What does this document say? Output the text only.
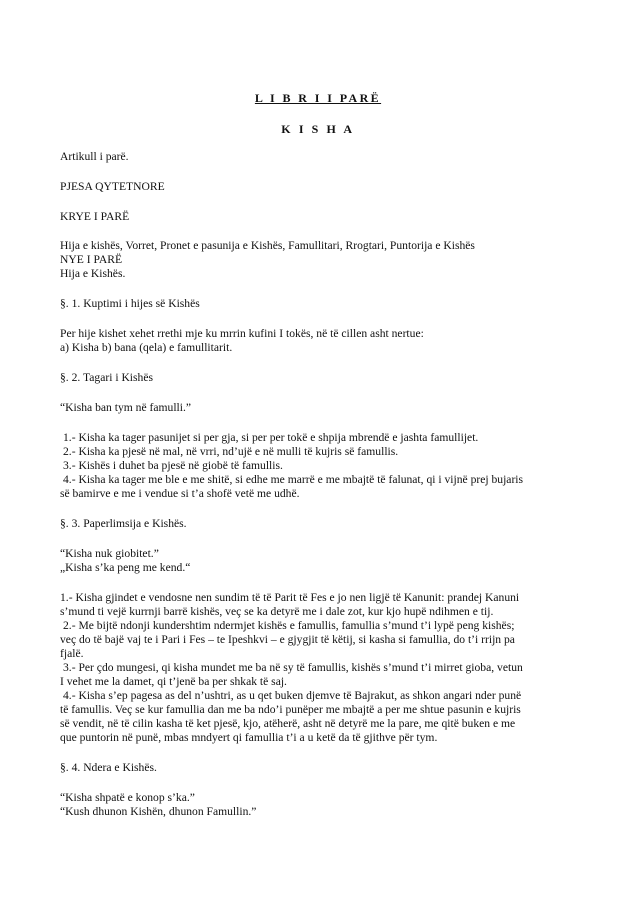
L I B R I I PARË
K I S H A
Artikull i parë.
PJESA QYTETNORE
KRYE I PARË
Hija e kishës, Vorret, Pronet e pasunija e Kishës, Famullitari, Rrogtari, Puntorija e Kishës
NYE I PARË
Hija e Kishës.
§. 1. Kuptimi i hijes së Kishës
Per hije kishet xehet rrethi mje ku mrrin kufini I tokës, në të cillen asht nertue:
a) Kisha b) bana (qela) e famullitarit.
§. 2. Tagari i Kishës
“Kisha ban tym në famulli.”
1.- Kisha ka tager pasunijet si per gja, si per per tokë e shpija mbrendë e jashta famullijet.
2.- Kisha ka pjesë në mal, në vrri, nd’ujë e në mulli të kujris së famullis.
3.- Kishës i duhet ba pjesë në giobë të famullis.
4.- Kisha ka tager me ble e me shitë, si edhe me marrë e me mbajtë të falunat, qi i vijnë prej bujaris
së bamirve e me i vendue si t’a shofë vetë me udhë.
§. 3. Paperlimsija e Kishës.
“Kisha nuk giobitet.”
„Kisha s’ka peng me kend.“
1.- Kisha gjindet e vendosne nen sundim të të Parit të Fes e jo nen ligjë të Kanunit: prandej Kanuni
s’mund ti vejë kurrnji barrë kishës, veç se ka detyrë me i dale zot, kur kjo hupë ndihmen e tij.
2.- Me bijtë ndonji kundershtim ndermjet kishës e famullis, famullia s’mund t’i lypë peng kishës;
veç do të bajë vaj te i Pari i Fes – te Ipeshkvi – e gjygjit të këtij, si kasha si famullia, do t’i rrijn pa
fjalë.
3.- Per çdo mungesi, qi kisha mundet me ba në sy të famullis, kishës s’mund t’i mirret gioba, vetun
I vehet me la damet, qi t’jenë ba per shkak të saj.
4.- Kisha s’ep pagesa as del n’ushtri, as u qet buken djemve të Bajrakut, as shkon angari nder punë
të famullis. Veç se kur famullia dan me ba ndo’i punëper me mbajtë a per me shtue pasunin e kujris
së vendit, në të cilin kasha të ket pjesë, kjo, atëherë, asht në detyrë me la pare, me qitë buken e me
que puntorin në punë, mbas mndyert qi famullia t’i a u ketë da të gjithve për tym.
§. 4. Ndera e Kishës.
“Kisha shpatë e konop s’ka.”
“Kush dhunon Kishën, dhunon Famullin.”
